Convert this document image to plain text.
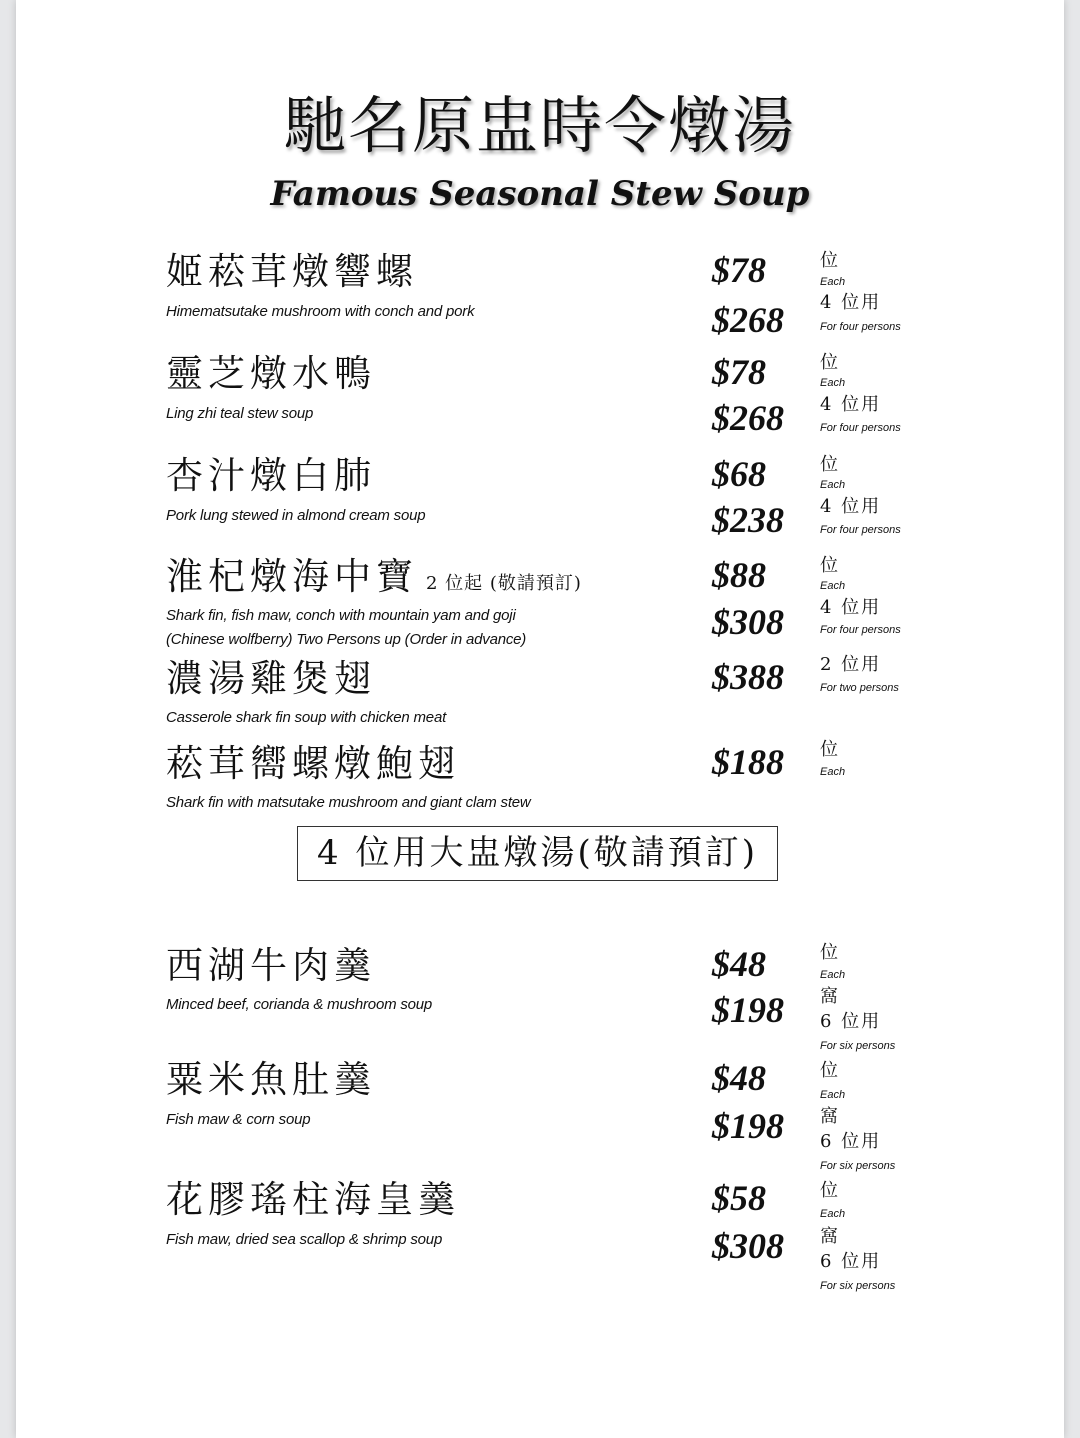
馳名原盅時令燉湯
Famous Seasonal Stew Soup
姬菘茸燉響螺
Himematsutake mushroom with conch and pork
$78	位
Each
$268 4 位用
For four persons
靈芝燉水鴨
Ling zhi teal stew soup
$78	位
Each
$268 4 位用
For four persons
杏汁燉白肺
Pork lung stewed in almond cream soup
$68	位
Each
$238 4 位用
For four persons
淮杞燉海中寶 2 位起 (敬請預訂)
Shark fin, fish maw, conch with mountain yam and goji
(Chinese wolfberry) Two Persons up (Order in advance)
$88	位
Each
$308 4 位用
For four persons
濃湯雞煲翅
Casserole shark fin soup with chicken meat
$388 2 位用
For two persons
菘茸嚮螺燉鮑翅
Shark fin with matsutake mushroom and giant clam stew
$188 位
Each
4 位用大盅燉湯(敬請預訂)
西湖牛肉羹
Minced beef, corianda & mushroom soup
$48	位
Each
$198 窩
6 位用
For six persons
粟米魚肚羹
Fish maw & corn soup
$48	位
Each
$198 窩
6 位用
For six persons
花膠瑤柱海皇羹
Fish maw, dried sea scallop & shrimp soup
$58	位
Each
$308 窩
6 位用
For six persons
